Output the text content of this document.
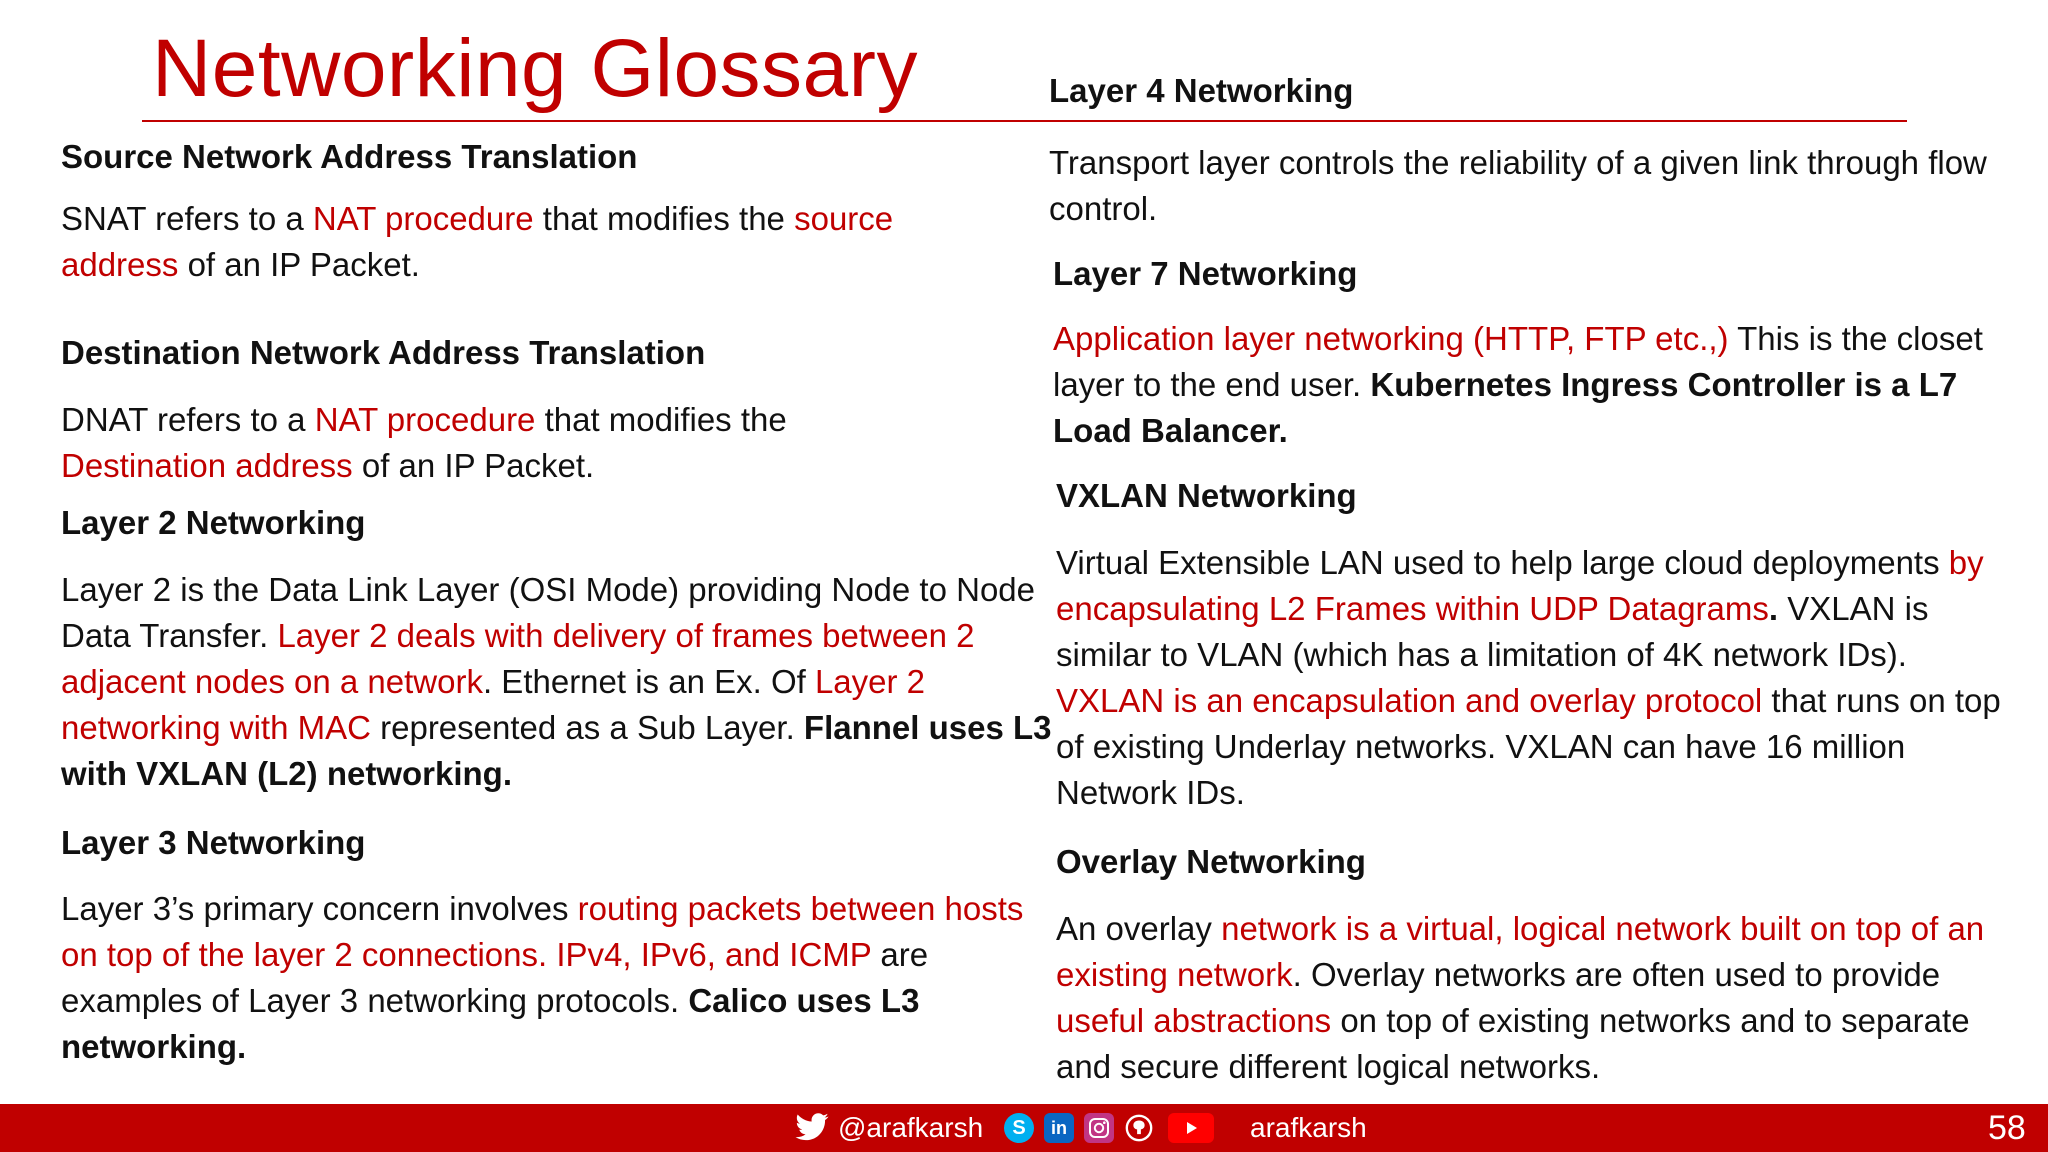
Networking Glossary
Source Network Address Translation
SNAT refers to a NAT procedure that modifies the source address of an IP Packet.
Destination Network Address Translation
DNAT refers to a NAT procedure that modifies the Destination address of an IP Packet.
Layer 2 Networking
Layer 2 is the Data Link Layer (OSI Mode) providing Node to Node Data Transfer. Layer 2 deals with delivery of frames between 2 adjacent nodes on a network. Ethernet is an Ex. Of Layer 2 networking with MAC represented as a Sub Layer. Flannel uses L3 with VXLAN (L2) networking.
Layer 3 Networking
Layer 3’s primary concern involves routing packets between hosts on top of the layer 2 connections. IPv4, IPv6, and ICMP are examples of Layer 3 networking protocols. Calico uses L3 networking.
Layer 4 Networking
Transport layer controls the reliability of a given link through flow control.
Layer 7 Networking
Application layer networking (HTTP, FTP etc.,) This is the closet layer to the end user. Kubernetes Ingress Controller is a L7 Load Balancer.
VXLAN Networking
Virtual Extensible LAN used to help large cloud deployments by encapsulating L2 Frames within UDP Datagrams. VXLAN is similar to VLAN (which has a limitation of 4K network IDs). VXLAN is an encapsulation and overlay protocol that runs on top of existing Underlay networks. VXLAN can have 16 million Network IDs.
Overlay Networking
An overlay network is a virtual, logical network built on top of an existing network. Overlay networks are often used to provide useful abstractions on top of existing networks and to separate and secure different logical networks.
@arafkarsh	S	in	arafkarsh	58
